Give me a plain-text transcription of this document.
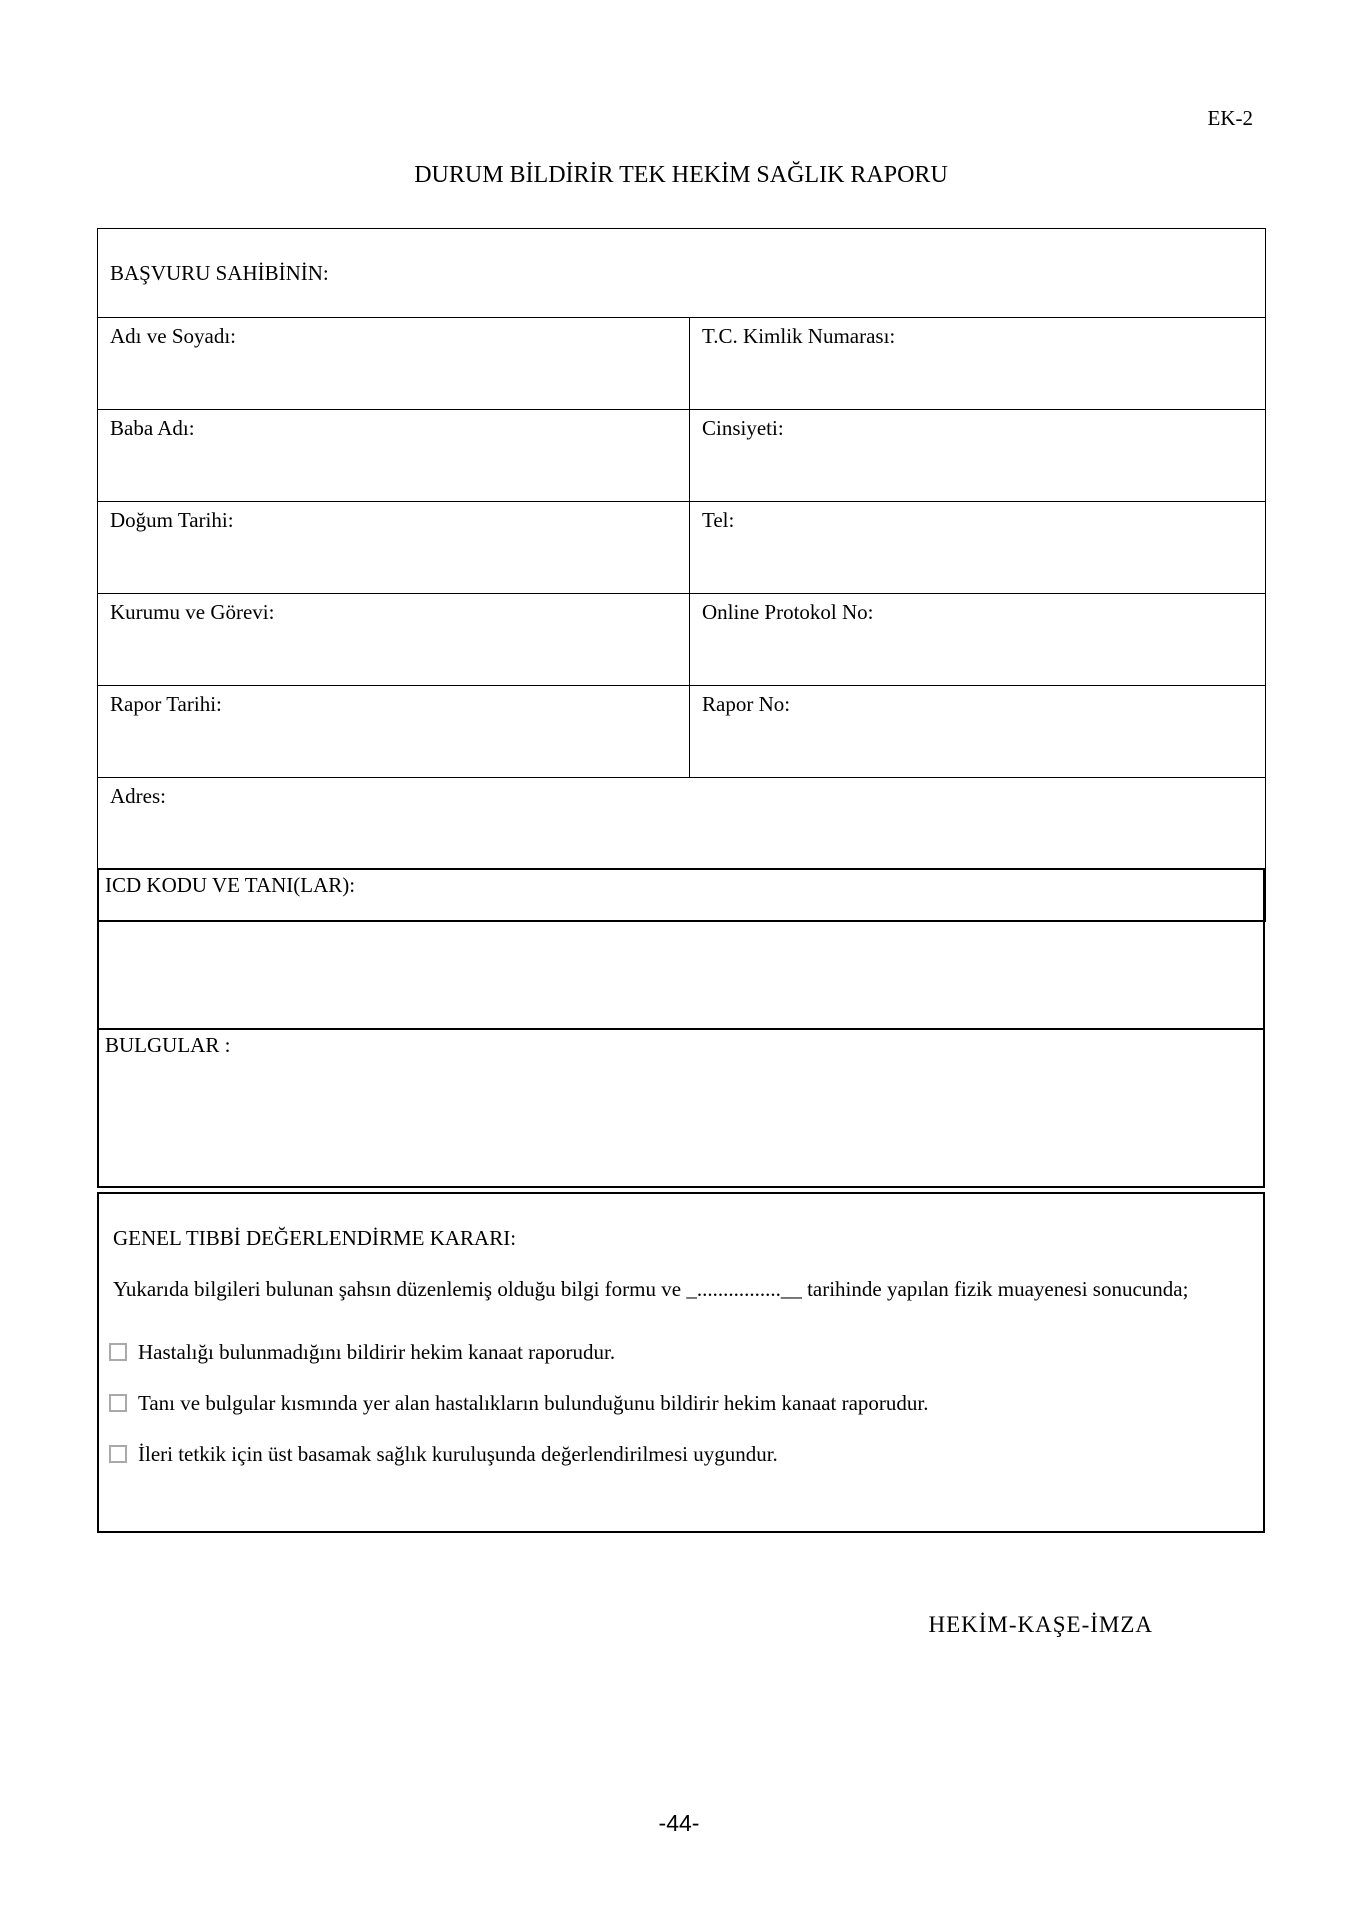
EK-2
DURUM BİLDİRİR TEK HEKİM SAĞLIK RAPORU
BAŞVURU SAHİBİNİN:	
Adı ve Soyadı:	T.C. Kimlik Numarası:
Baba Adı:	Cinsiyeti:
Doğum Tarihi:	Tel:
Kurumu ve Görevi:	Online Protokol No:
Rapor Tarihi:	Rapor No:
Adres:	
ICD KODU VE TANI(LAR):
BULGULAR :
GENEL TIBBİ DEĞERLENDİRME KARARI:
Yukarıda bilgileri bulunan şahsın düzenlemiş olduğu bilgi formu ve _................__ tarihinde yapılan fizik muayenesi sonucunda;
Hastalığı bulunmadığını bildirir hekim kanaat raporudur.
Tanı ve bulgular kısmında yer alan hastalıkların bulunduğunu bildirir hekim kanaat raporudur.
İleri tetkik için üst basamak sağlık kuruluşunda değerlendirilmesi uygundur.
HEKİM-KAŞE-İMZA
-44-
